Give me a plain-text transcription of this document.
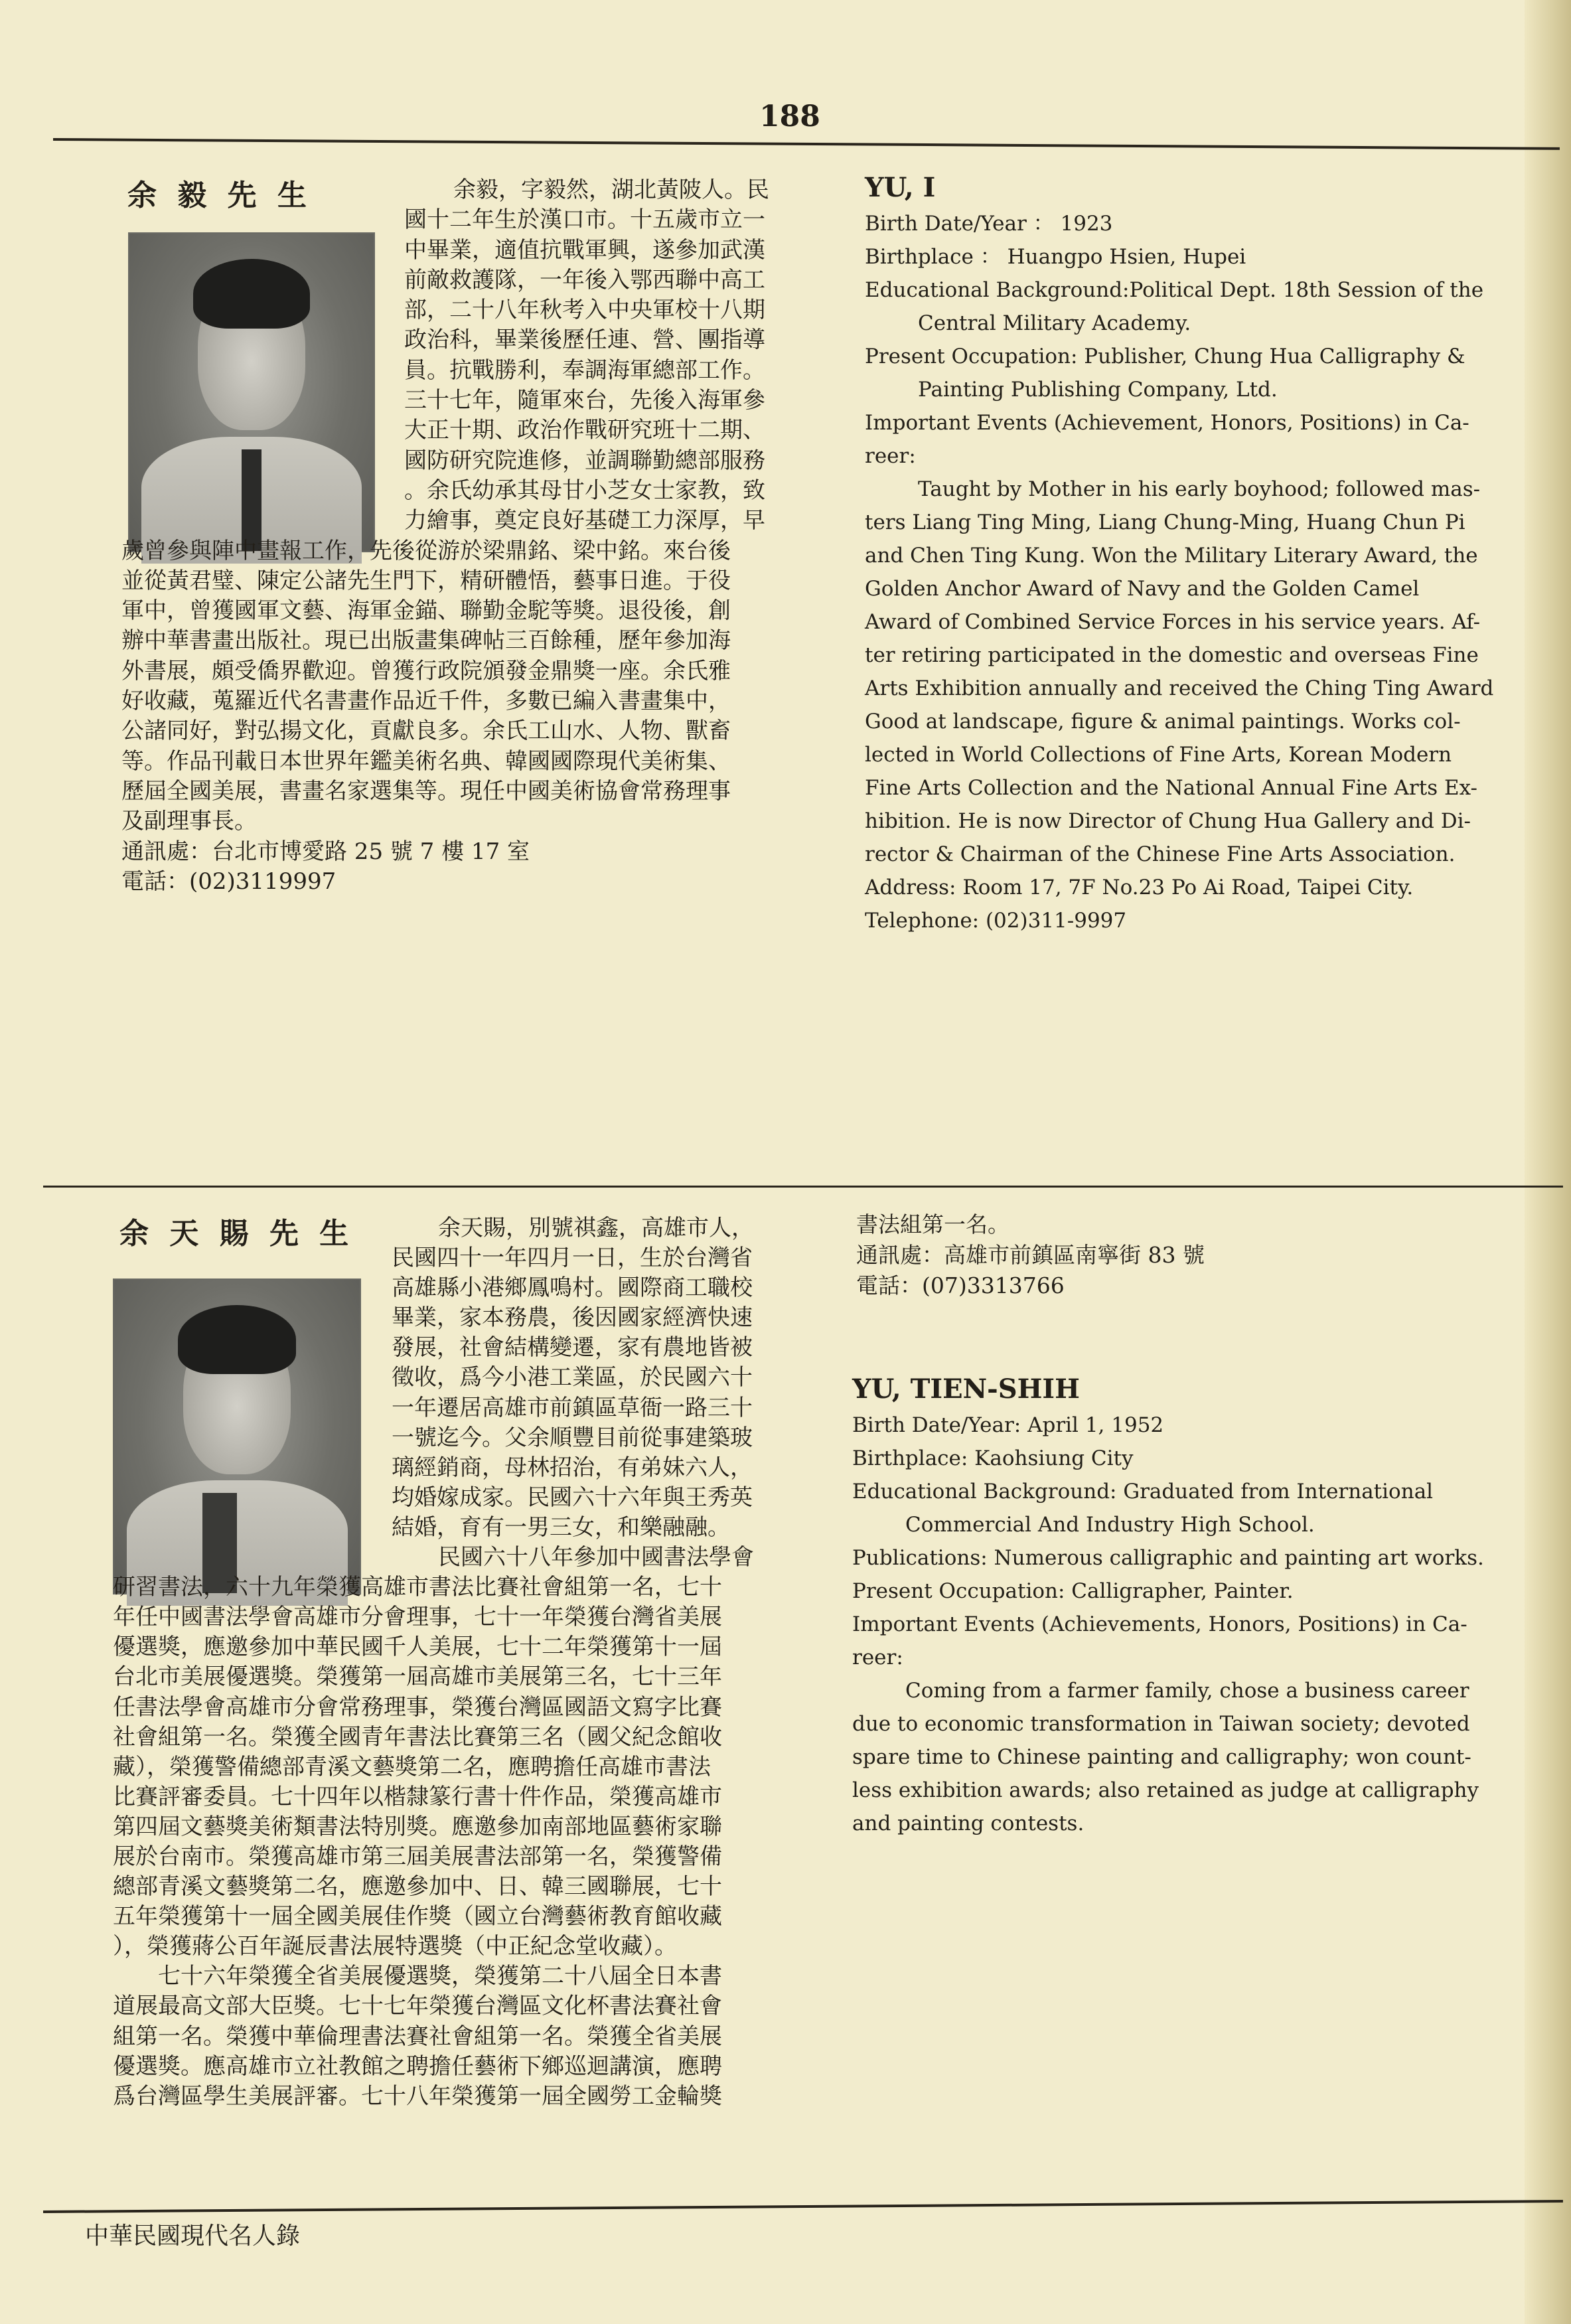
188
余 毅 先 生	余毅，字毅然，湖北黃陂人。民
國十二年生於漢口市。十五歲市立一
中畢業，適值抗戰軍興，遂參加武漢
前敵救護隊，一年後入鄂西聯中高工
部，二十八年秋考入中央軍校十八期
政治科，畢業後歷任連、營、團指導
員。抗戰勝利，奉調海軍總部工作。
三十七年，隨軍來台，先後入海軍參
大正十期、政治作戰研究班十二期、
國防研究院進修，並調聯勤總部服務
。余氏幼承其母甘小芝女士家教，致
力繪事，奠定良好基礎工力深厚，早
歲曾參與陣中畫報工作，先後從游於梁鼎銘、梁中銘。來台後
並從黃君璧、陳定公諸先生門下，精研體悟，藝事日進。于役
軍中，曾獲國軍文藝、海軍金錨、聯勤金駝等獎。退役後，創
辦中華書畫出版社。現已出版畫集碑帖三百餘種，歷年參加海
外書展，頗受僑界歡迎。曾獲行政院頒發金鼎獎一座。余氏雅
好收藏，蒐羅近代名書畫作品近千件，多數已編入書畫集中，
公諸同好，對弘揚文化，貢獻良多。余氏工山水、人物、獸畜
等。作品刊載日本世界年鑑美術名典、韓國國際現代美術集、
歷屆全國美展，書畫名家選集等。現任中國美術協會常務理事
及副理事長。
通訊處：台北市博愛路 25 號 7 樓 17 室
電話：(02)3119997
YU, I
Birth Date/Year ： 1923
Birthplace ： Huangpo Hsien, Hupei
Educational Background:Political Dept. 18th Session of the
Central Military Academy.
Present Occupation: Publisher, Chung Hua Calligraphy &
Painting Publishing Company, Ltd.
Important Events (Achievement, Honors, Positions) in Ca-
reer:
Taught by Mother in his early boyhood; followed mas-
ters Liang Ting Ming, Liang Chung-Ming, Huang Chun Pi
and Chen Ting Kung. Won the Military Literary Award, the
Golden Anchor Award of Navy and the Golden Camel
Award of Combined Service Forces in his service years. Af-
ter retiring participated in the domestic and overseas Fine
Arts Exhibition annually and received the Ching Ting Award
Good at landscape, figure & animal paintings. Works col-
lected in World Collections of Fine Arts, Korean Modern
Fine Arts Collection and the National Annual Fine Arts Ex-
hibition. He is now Director of Chung Hua Gallery and Di-
rector & Chairman of the Chinese Fine Arts Association.
Address: Room 17, 7F No.23 Po Ai Road, Taipei City.
Telephone: (02)311-9997
余 天 賜 先 生	余天賜，別號祺鑫，高雄市人，
民國四十一年四月一日，生於台灣省
高雄縣小港鄉鳳鳴村。國際商工職校
畢業，家本務農，後因國家經濟快速
發展，社會結構變遷，家有農地皆被
徵收，爲今小港工業區，於民國六十
一年遷居高雄市前鎮區草衙一路三十
一號迄今。父余順豐目前從事建築玻
璃經銷商，母林招治，有弟妹六人，
均婚嫁成家。民國六十六年與王秀英
結婚，育有一男三女，和樂融融。
民國六十八年參加中國書法學會
研習書法，六十九年榮獲高雄市書法比賽社會組第一名，七十
年任中國書法學會高雄市分會理事，七十一年榮獲台灣省美展
優選獎，應邀參加中華民國千人美展，七十二年榮獲第十一屆
台北市美展優選獎。榮獲第一屆高雄市美展第三名，七十三年
任書法學會高雄市分會常務理事，榮獲台灣區國語文寫字比賽
社會組第一名。榮獲全國青年書法比賽第三名（國父紀念館收
藏），榮獲警備總部青溪文藝獎第二名，應聘擔任高雄市書法
比賽評審委員。七十四年以楷隸篆行書十件作品，榮獲高雄市
第四屆文藝獎美術類書法特別獎。應邀參加南部地區藝術家聯
展於台南市。榮獲高雄市第三屆美展書法部第一名，榮獲警備
總部青溪文藝獎第二名，應邀參加中、日、韓三國聯展，七十
五年榮獲第十一屆全國美展佳作獎（國立台灣藝術教育館收藏
），榮獲蔣公百年誕辰書法展特選獎（中正紀念堂收藏）。
七十六年榮獲全省美展優選獎，榮獲第二十八屆全日本書
道展最高文部大臣獎。七十七年榮獲台灣區文化杯書法賽社會
組第一名。榮獲中華倫理書法賽社會組第一名。榮獲全省美展
優選獎。應高雄市立社教館之聘擔任藝術下鄉巡迴講演，應聘
爲台灣區學生美展評審。七十八年榮獲第一屆全國勞工金輪獎
書法組第一名。
通訊處：高雄市前鎮區南寧街 83 號
電話：(07)3313766
YU, TIEN-SHIH
Birth Date/Year: April 1, 1952
Birthplace: Kaohsiung City
Educational Background: Graduated from International
Commercial And Industry High School.
Publications: Numerous calligraphic and painting art works.
Present Occupation: Calligrapher, Painter.
Important Events (Achievements, Honors, Positions) in Ca-
reer:
Coming from a farmer family, chose a business career
due to economic transformation in Taiwan society; devoted
spare time to Chinese painting and calligraphy; won count-
less exhibition awards; also retained as judge at calligraphy
and painting contests.
中華民國現代名人錄
